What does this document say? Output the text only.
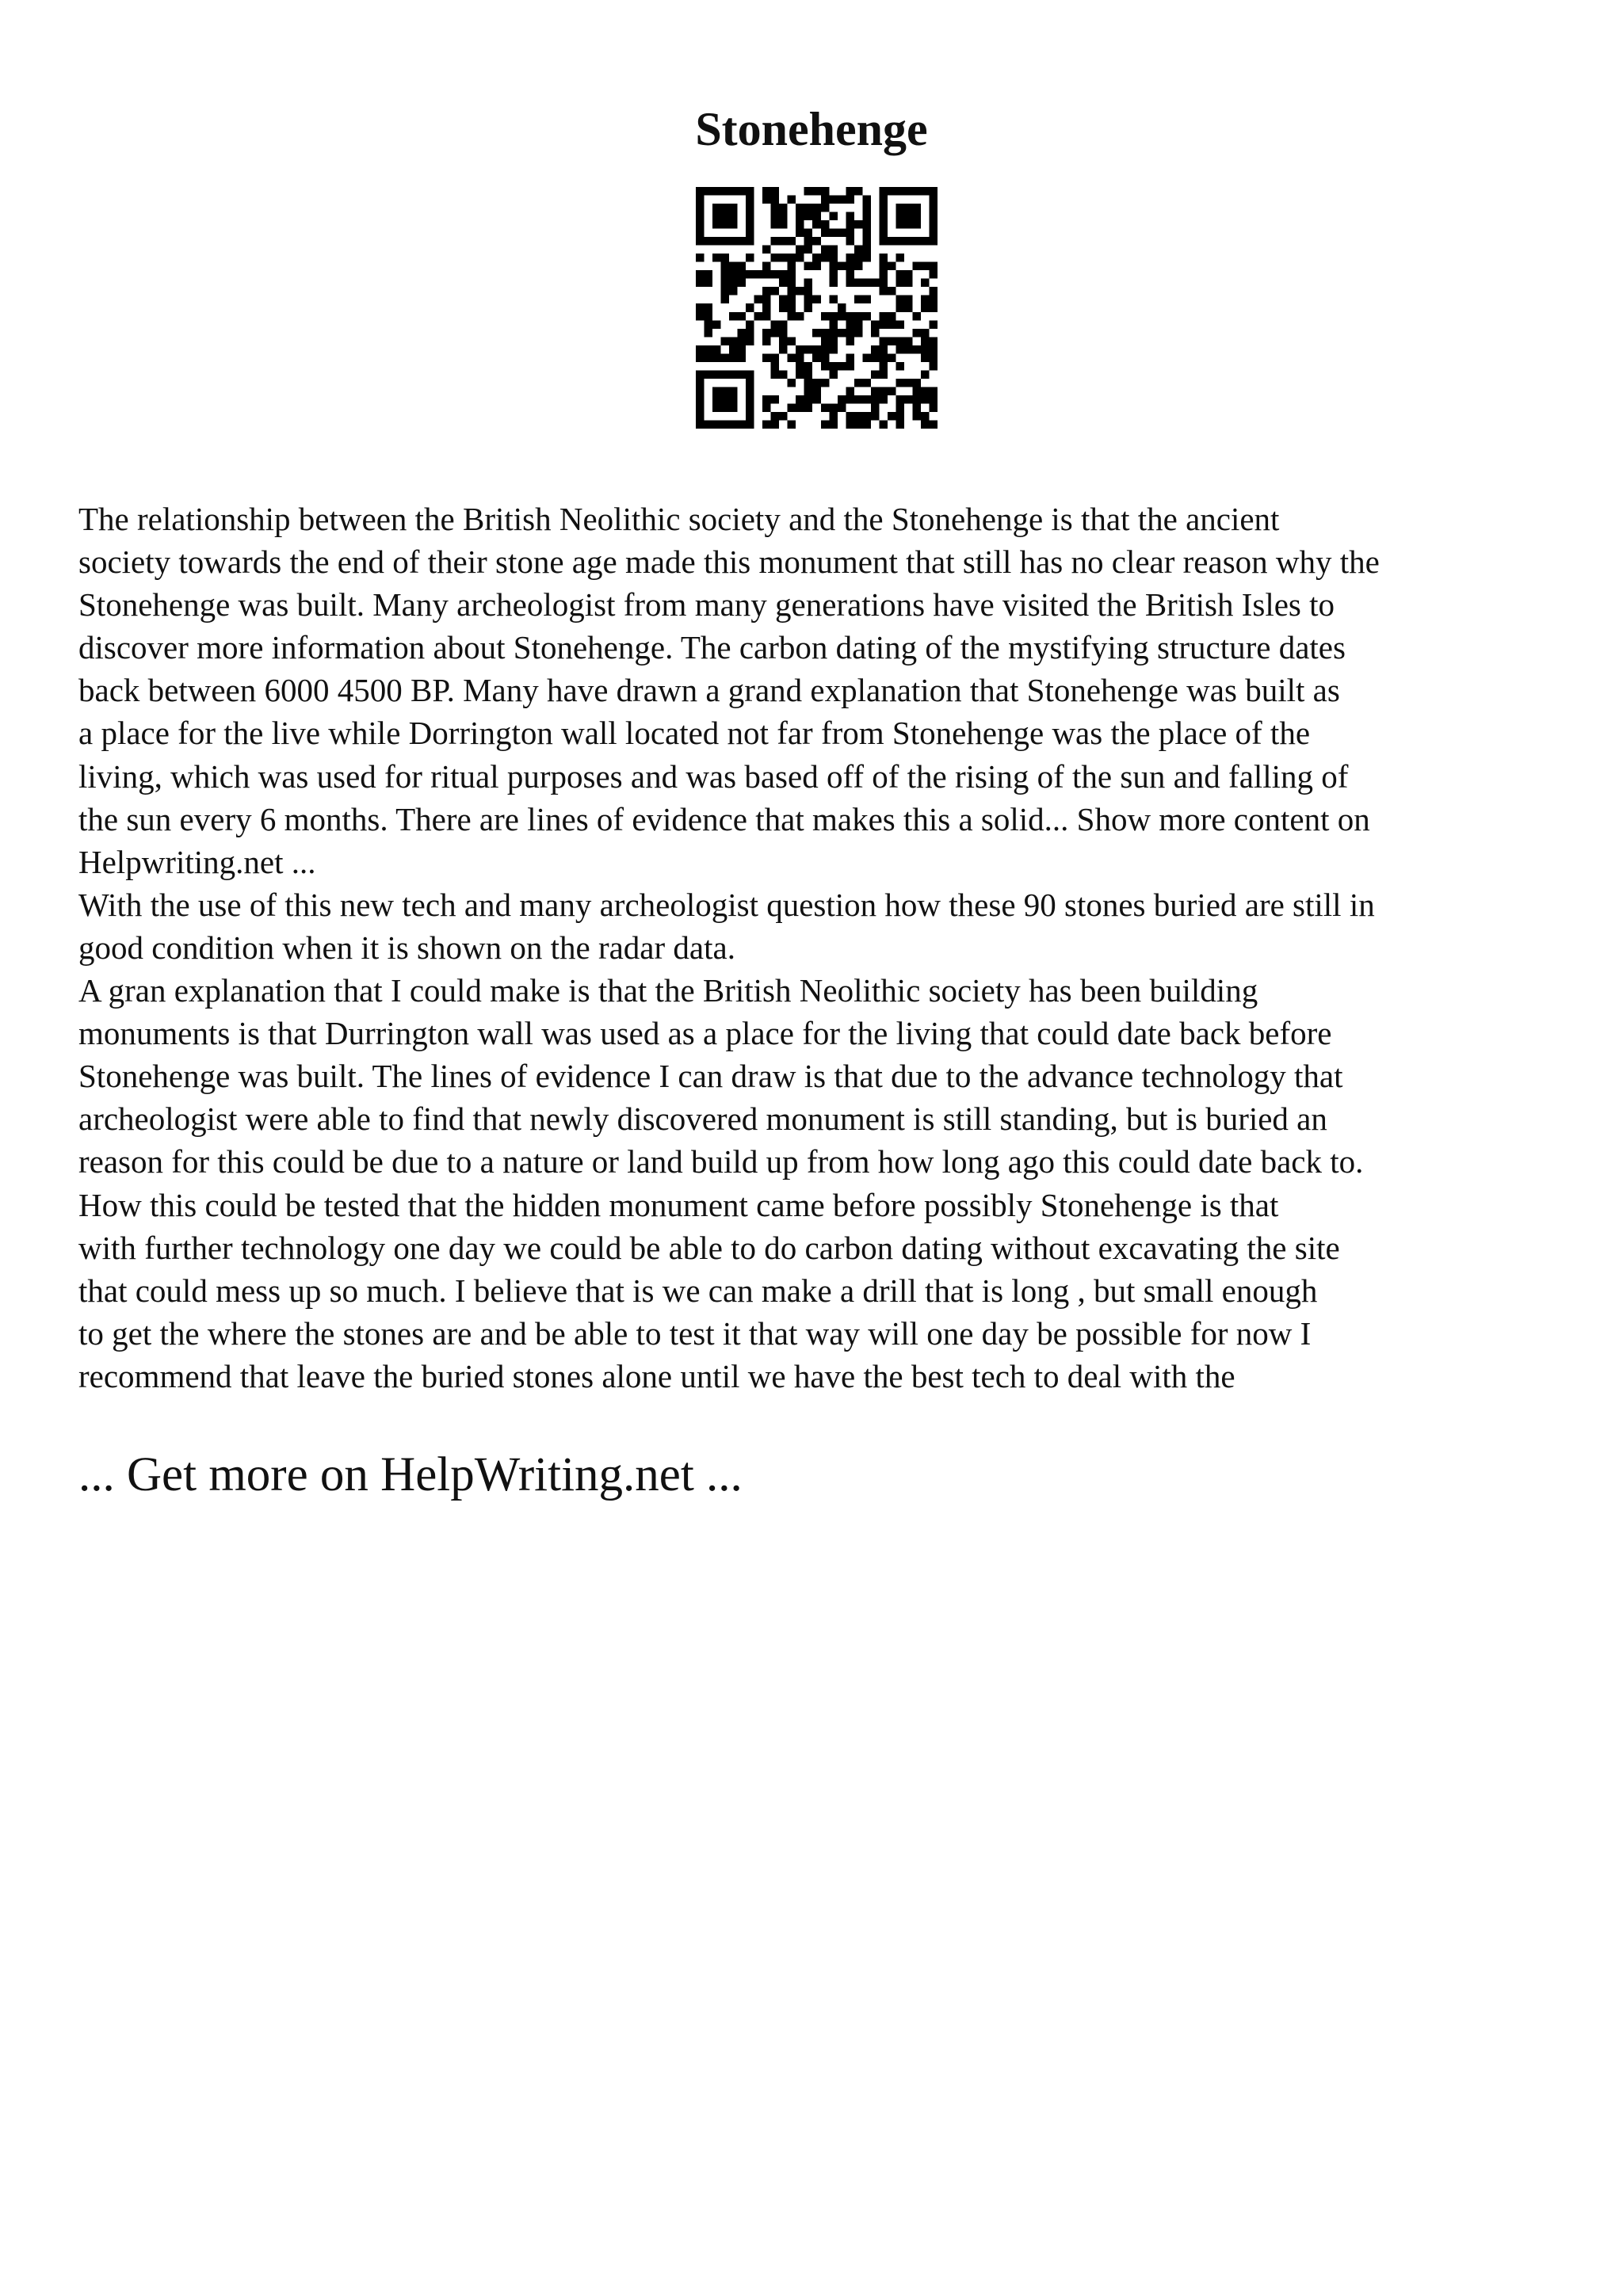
Stonehenge
The relationship between the British Neolithic society and the Stonehenge is that the ancient
society towards the end of their stone age made this monument that still has no clear reason why the
Stonehenge was built. Many archeologist from many generations have visited the British Isles to
discover more information about Stonehenge. The carbon dating of the mystifying structure dates
back between 6000 4500 BP. Many have drawn a grand explanation that Stonehenge was built as
a place for the live while Dorrington wall located not far from Stonehenge was the place of the
living, which was used for ritual purposes and was based off of the rising of the sun and falling of
the sun every 6 months. There are lines of evidence that makes this a solid... Show more content on
Helpwriting.net ...
With the use of this new tech and many archeologist question how these 90 stones buried are still in
good condition when it is shown on the radar data.
A gran explanation that I could make is that the British Neolithic society has been building
monuments is that Durrington wall was used as a place for the living that could date back before
Stonehenge was built. The lines of evidence I can draw is that due to the advance technology that
archeologist were able to find that newly discovered monument is still standing, but is buried an
reason for this could be due to a nature or land build up from how long ago this could date back to.
How this could be tested that the hidden monument came before possibly Stonehenge is that
with further technology one day we could be able to do carbon dating without excavating the site
that could mess up so much. I believe that is we can make a drill that is long , but small enough
to get the where the stones are and be able to test it that way will one day be possible for now I
recommend that leave the buried stones alone until we have the best tech to deal with the
... Get more on HelpWriting.net ...
